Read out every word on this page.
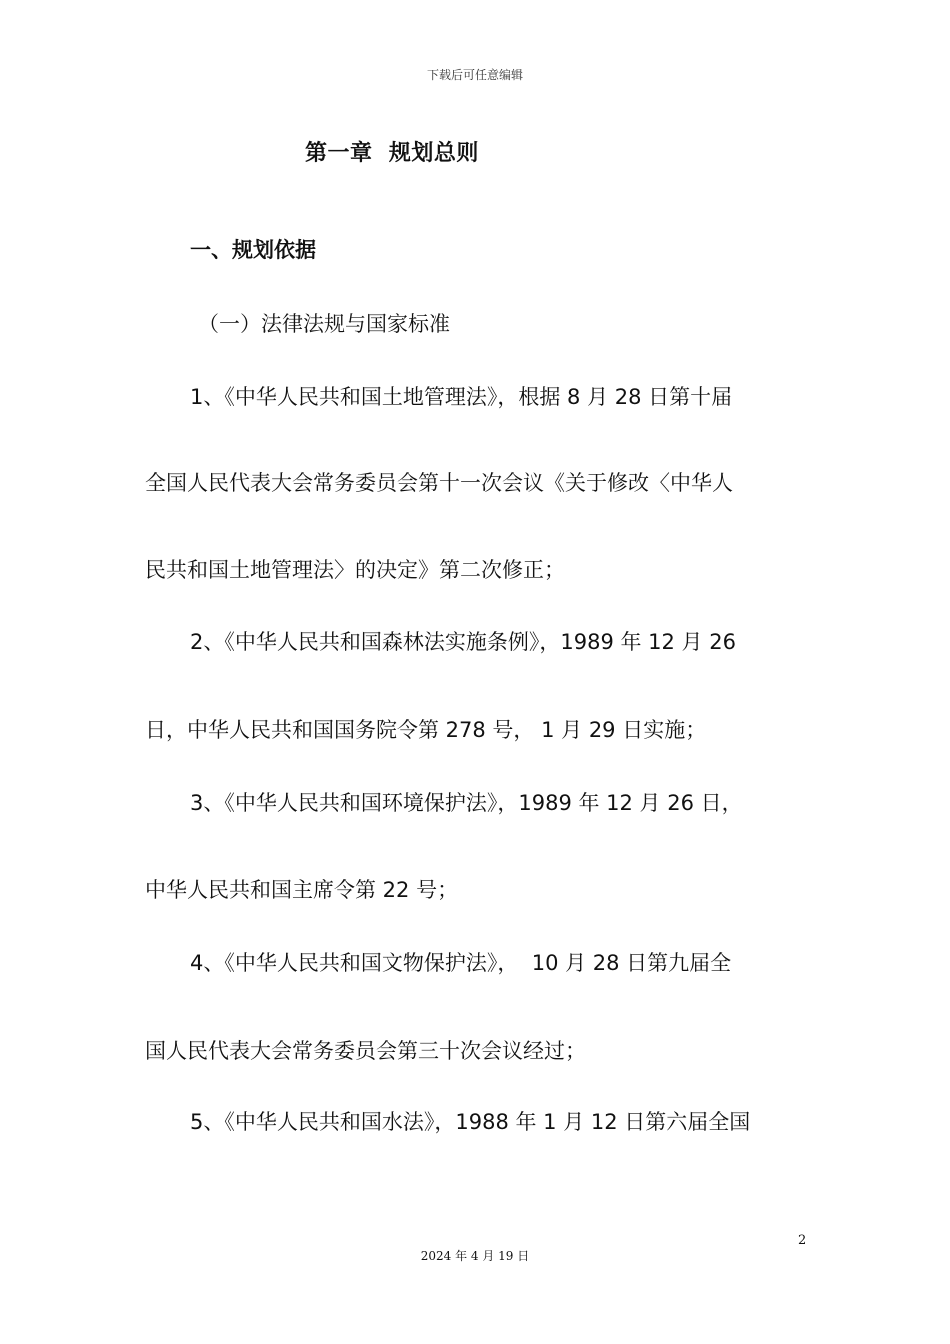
下载后可任意编辑
第一章  规划总则
一、规划依据
（一）法律法规与国家标准
1、《中华人民共和国土地管理法》，根据 8 月 28 日第十届
全国人民代表大会常务委员会第十一次会议《关于修改〈中华人
民共和国土地管理法〉的决定》第二次修正；
2、《中华人民共和国森林法实施条例》，1989 年 12 月 26
日，中华人民共和国国务院令第 278 号， 1 月 29 日实施；
3、《中华人民共和国环境保护法》，1989 年 12 月 26 日，
中华人民共和国主席令第 22 号；
4、《中华人民共和国文物保护法》，  10 月 28 日第九届全
国人民代表大会常务委员会第三十次会议经过；
5、《中华人民共和国水法》，1988 年 1 月 12 日第六届全国
2
2024 年 4 月 19 日
